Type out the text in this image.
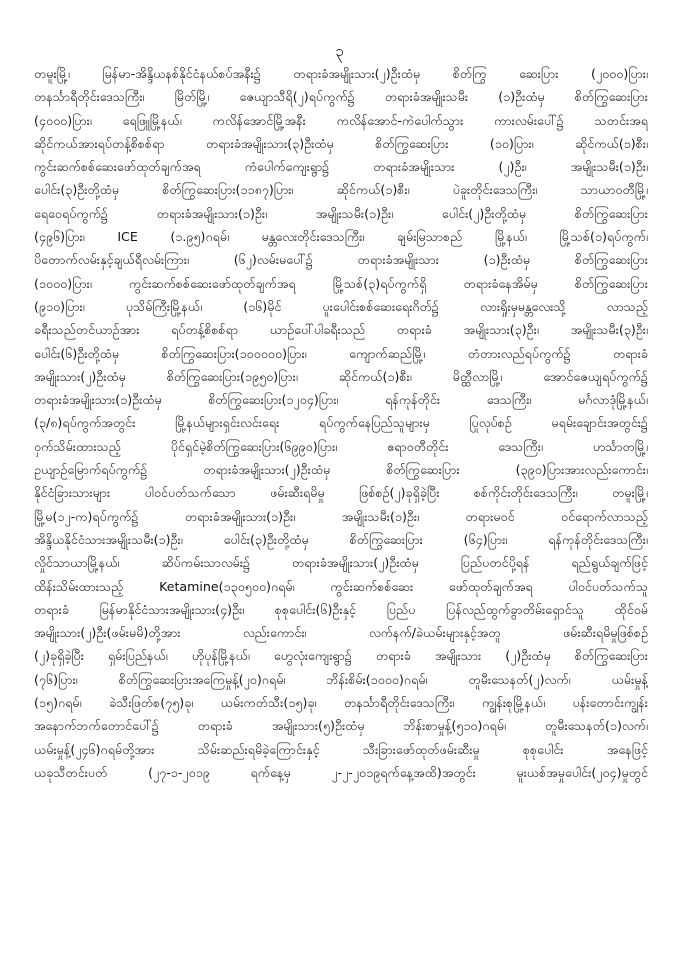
၃
တမူးမြို့၊ မြန်မာ-အိန္ဒိယနစ်နိုင်ငံနယ်စပ်အနီး၌ တရားခံအမျိုးသား(၂)ဦးထံမှ စိတ်ကြွ ဆေးပြား (၂၀၀၀)ပြား၊
တနင်္သာရီတိုင်းဒေသကြီး၊ မြိတ်မြို့၊ ဇေယျာသီရိ(၂)ရပ်ကွက်၌ တရားခံအမျိုးသမီး (၁)ဦးထံမှ စိတ်ကြွဆေးပြား
(၄၀၀၀)ပြား၊ ရေဖြူမြို့နယ်၊ ကလိန်အောင်မြို့အနီး ကလိန်အောင်-ကဲပေါက်သွား ကားလမ်းပေါ်၌ သတင်းအရ
ဆိုင်ကယ်အားရပ်တန့်စိစစ်ရာ တရားခံအမျိုးသား(၃)ဦးထံမှ စိတ်ကြွဆေးပြား (၁၀)ပြား၊ ဆိုင်ကယ်(၁)စီး၊
ကွင်းဆက်စစ်ဆေးဖော်ထုတ်ချက်အရ ကံပေါက်ကျေးရွာ၌ တရားခံအမျိုးသား (၂)ဦး၊ အမျိုးသမီး(၁)ဦး၊
ပေါင်း(၃)ဦးတို့ထံမှ စိတ်ကြွဆေးပြား(၁၁၈၇)ပြား၊ ဆိုင်ကယ်(၁)စီး၊ ပဲခူးတိုင်းဒေသကြီး၊ သာယာဝတီမြို့၊
ရေဝေရပ်ကွက်၌ တရားခံအမျိုးသား(၁)ဦး၊ အမျိုးသမီး(၁)ဦး၊ ပေါင်း(၂)ဦးတို့ထံမှ စိတ်ကြွဆေးပြား
(၄၉၆)ပြား၊ ICE (၁.၉၅)ဂရမ်၊ မန္တလေးတိုင်းဒေသကြီး၊ ချမ်းမြသာစည် မြို့နယ်၊ မြို့သစ်(၁)ရပ်ကွက်၊
ပိတောက်လမ်းနှင့်ချယ်ရီလမ်းကြား၊ (၆၂)လမ်းမပေါ်၌ တရားခံအမျိုးသား (၁)ဦးထံမှ စိတ်ကြွဆေးပြား
(၁၀၀၀)ပြား၊ ကွင်းဆက်စစ်ဆေးဖော်ထုတ်ချက်အရ မြို့သစ်(၃)ရပ်ကွက်ရှိ တရားခံနေအိမ်မှ စိတ်ကြွဆေးပြား
(၉၁၀)ပြား၊ ပုသိမ်ကြီးမြို့နယ်၊ (၁၆)မိုင် ပူးပေါင်းစစ်ဆေးရေးဂိတ်၌ လားရှိုးမှမန္တလေးသို့ လာသည့်
ခရီးသည်တင်ယာဉ်အား ရပ်တန့်စိစစ်ရာ ယာဉ်ပေါ်ပါခရီးသည် တရားခံ အမျိုးသား(၃)ဦး၊ အမျိုးသမီး(၃)ဦး၊
ပေါင်း(၆)ဦးတို့ထံမှ စိတ်ကြွဆေးပြား(၁၀၀၀၀၀)ပြား၊ ကျောက်ဆည်မြို့၊ တံတားလည်ရပ်ကွက်၌ တရားခံ
အမျိုးသား(၂)ဦးထံမှ စိတ်ကြွဆေးပြား(၁၉၅၀)ပြား၊ ဆိုင်ကယ်(၁)စီး၊ မိတ္ထီလာမြို့၊ အောင်ဇေယျရပ်ကွက်၌
တရားခံအမျိုးသား(၁)ဦးထံမှ စိတ်ကြွဆေးပြား(၁၂၀၄)ပြား၊ ရန်ကုန်တိုင်း ဒေသကြီး၊ မင်္ဂလာဒုံမြို့နယ်၊
(၃/၈)ရပ်ကွက်အတွင်း မြို့နယ်များရှင်းလင်းရေး ရပ်ကွက်နေပြည်သူများမှ ပြုလုပ်စဉ် မရမ်းချောင်းအတွင်း၌
ဝှက်သိမ်းထားသည့် ပိုင်ရှင်မဲ့စိတ်ကြွဆေးပြား(၆၉၉၀)ပြား၊ ဧရာဝတီတိုင်း ဒေသကြီး၊ ဟင်္သာတမြို့၊
ဥယျာဉ်မြောက်ရပ်ကွက်၌ တရားခံအမျိုးသား(၂)ဦးထံမှ စိတ်ကြွဆေးပြား (၃၉၀)ပြားအားလည်းကောင်း၊
နိုင်ငံခြားသားများ ပါဝင်ပတ်သက်သော ဖမ်းဆီးရမိမှု ဖြစ်စဉ်(၂)ခုရှိခဲ့ပြီး စစ်ကိုင်းတိုင်းဒေသကြီး၊ တမူးမြို့၊
မြို့မ(၁၂-က)ရပ်ကွက်၌ တရားခံအမျိုးသား(၁)ဦး၊ အမျိုးသမီး(၁)ဦး၊ တရားမဝင် ဝင်ရောက်လာသည့်
အိန္ဒိယနိုင်ငံသားအမျိုးသမီး(၁)ဦး၊ ပေါင်း(၃)ဦးတို့ထံမှ စိတ်ကြွဆေးပြား (၆၄)ပြား၊ ရန်ကုန်တိုင်းဒေသကြီး၊
လှိုင်သာယာမြို့နယ်၊ ဆိပ်ကမ်းသာလမ်း၌ တရားခံအမျိုးသား(၂)ဦးထံမှ ပြည်ပတင်ပို့ရန် ရည်ရွယ်ချက်ဖြင့်
ထိန်းသိမ်းထားသည့် Ketamine(၁၃၀၅၀၀)ဂရမ်၊ ကွင်းဆက်စစ်ဆေး ဖော်ထုတ်ချက်အရ ပါဝင်ပတ်သက်သူ
တရားခံ မြန်မာနိုင်ငံသားအမျိုးသား(၄)ဦး၊ စုစုပေါင်း(၆)ဦးနှင့် ပြည်ပ ပြန်လည်ထွက်ခွာတိမ်းရှောင်သူ ထိုင်ဝမ်
အမျိုးသား(၂)ဦး(ဖမ်းမမိ)တို့အား လည်းကောင်း၊ လက်နက်/ခဲယမ်းများနှင့်အတူ ဖမ်းဆီးရမိမှုဖြစ်စဉ်
(၂)ခုရှိခဲ့ပြီး ရှမ်းပြည်နယ်၊ ဟိုပုန်မြို့နယ်၊ ဟွေလုံးကျေးရွာ၌ တရားခံ အမျိုးသား (၂)ဦးထံမှ စိတ်ကြွဆေးပြား
(၇၆)ပြား၊ စိတ်ကြွဆေးပြားအကြေမှုန့်(၂၀)ဂရမ်၊ ဘိန်းစိမ်း(၁၀၀၀)ဂရမ်၊ တူမီးသေနတ်(၂)လက်၊ ယမ်းမှုန့်
(၁၅)ဂရမ်၊ ခဲသီးဖြတ်စ(၇၅)ခု၊ ယမ်းကတ်သီး(၁၅)ခု၊ တနင်္သာရီတိုင်းဒေသကြီး၊ ကျွန်းစုမြို့နယ်၊ ပန်းတောင်းကျွန်း
အနောက်ဘက်တောင်ပေါ်၌ တရားခံ အမျိုးသား(၅)ဦးထံမှ ဘိန်းစာမှုန့်(၅၁၀)ဂရမ်၊ တူမီးသေနတ်(၁)လက်၊
ယမ်းမှုန့်(၂၄၆)ဂရမ်တို့အား သိမ်းဆည်းရမိခဲ့ကြောင်းနှင့် သီးခြားဖော်ထုတ်ဖမ်းဆီးမှု စုစုပေါင်း အနေဖြင့်
ယခုသီတင်းပတ် (၂၇-၁-၂၀၁၉ ရက်နေ့မှ ၂-၂-၂၀၁၉ရက်နေ့အထိ)အတွင်း မူးယစ်အမှုပေါင်း(၂၀၄)မှုတွင်
